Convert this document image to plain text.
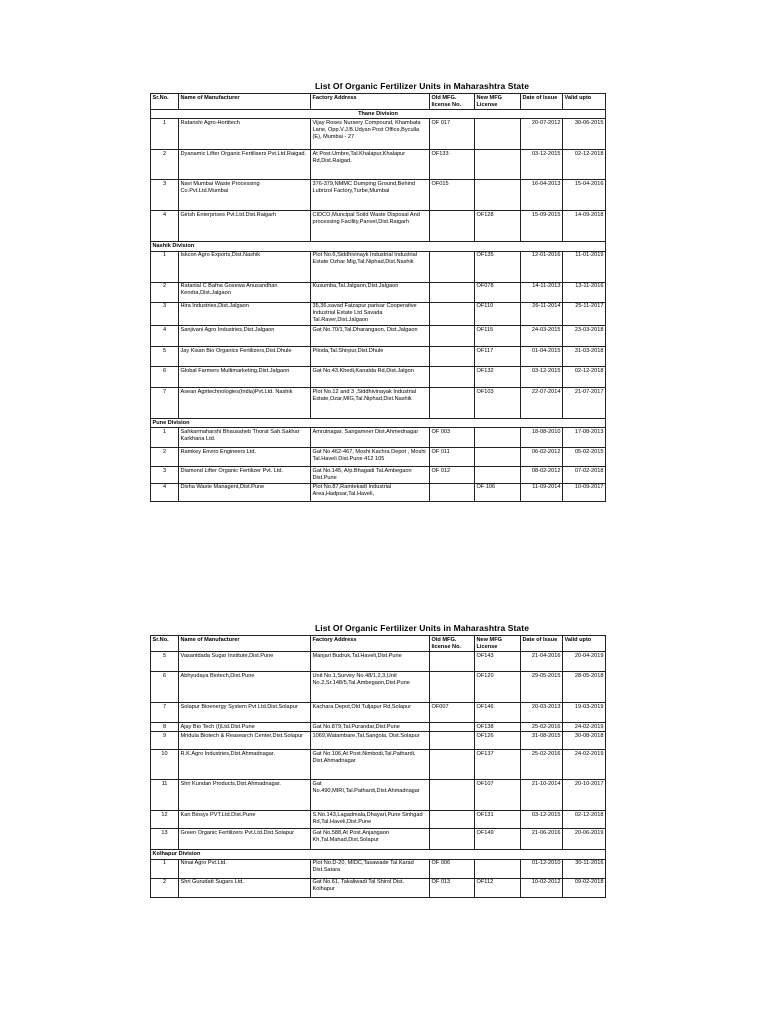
List Of Organic Fertilizer Units in Maharashtra State
Sr.No.	Name of Manufacturer	Factory Address	Old MFG. license No.	New MFG License	Date of Issue	Valid upto
Thane Division						
1	Ratanshi Agro-Hortitech	Vijay Roses Nursery Compound, Khambata Lane, Opp.V.J.B.Udyan Post Office,Byculla (E), Mumbai - 27	OF 017		20-07-2012	30-06-2015
2	Dyanamic Lifter Organic Fertilisers Pvt.Ltd.Raigad.	At Post.Umbre,Tal.Khalapur,Khalapur Rd,Dist.Raigad.	OF133		03-12-2015	02-12-2018
3	Navi Mumbai Waste Processing Co.Pvt.Ltd.Mumbai	376-379,NMMC Dumping Ground,Behind Lubrizol Factory,Turbe,Mumbai	OF015		16-04-2013	15-04-2016
4	Girish Enterprises Pvt.Ltd.Dist.Raigarh	CIDCO,Muncipal Soild Waste Disposal And processing Facility,Panvel,Dist.Raigarh		OF128	15-09-2015	14-09-2018
Nashik Division						
1	Iskcon Agro Exports,Dist.Nashik	Plot No.6,Siddhivinayk Industrial Industrial Estate Ozhar Mig,Tal.Niphad,Dist.Nashik		OF135	12-01-2016	11-01-2019
2	Ratanlal C Bafna Gosewa Anusandhan Kendra,Dist.Jalgaon	Kusumba,Tal.Jalgaon,Dist.Jalgaon		OF078	14-11-2013	13-11-2016
3	Hira Industries,Dist.Jalgaon	35,36,savad Faizapur parisar Cooperative Industrial Estate Ltd Savada Tal.Raver,Dist.Jalgaon		OF110	26-11-2014	25-11-2017
4	Sanjivani Agro Industries,Dist.Jalgaon	Gat No.70/1,Tal.Dharangaon, Dist.Jalgaon		OF115	24-03-2015	23-03-2018
5	Jay Kisan Bio Organics Fertilizers,Dist.Dhule	Piloda,Tal.Shirpur,Dist.Dhule		OF117	01-04-2015	31-03-2018
6	Global Farmers Multimarketing,Dist.Jalgaon	Gat No.43.Khedi,Kanalda Rd,Dist.Jalgon		OF132	03-12-2015	02-12-2018
7	Asean Agritechnologies(India)Pvt.Ltd. Nashik	Plot No.12 and 3 ,Siddhivinayak Industrial Estate,Ozar,MIG,Tal.Niphad,Dist.Nashik		OF103	22-07-2014	21-07-2017
Pune Division						
1	Sahkarmaharshi Bhausaheb Thorat Sah.Sakhar Karkhana Ltd.	Amrutnagar, Sangamner Dist.Ahmednagar	OF 003		18-08-2010	17-08-2013
2	Ramkey Enviro Engineers Ltd.	Gat No.462-467, Moshi Kachra Depot , Moshi Tal.Haveli Dist.Pune 412 105	OF 011		06-02-2012	05-02-2015
3	Diamond Lifter Organic Fertilizer Pvt. Ltd.	Gat No.145, A/p.Bhagadi Tal.Ambegaon Dist.Pune	OF 012		08-02-2012	07-02-2018
4	Disha Waste Managent,Dist.Pune	Plot No.87,Ramtekadi Industrial Area,Hadpsar,Tal.Haveli,		OF 106	11-09-2014	10-09-2017
List Of Organic Fertilizer Units in Maharashtra State
Sr.No.	Name of Manufacturer	Factory Address	Old MFG. license No.	New MFG License	Date of Issue	Valid upto
5	Vasantdada Sugar Institute,Dist.Pune	Manjari Budruk,Tal.Haveli,Dist.Pune		OF143	21-04-2016	20-04-2019
6	Abhyudaya Biotech,Dist.Pune	Unit No.1,Survey No.48/1,2,3,Unit No.2,Sr.148/5,Tal.Ambegaon,Dist.Pune		OF120	29-05-2015	28-05-2018
7	Solapur Bioenergy System Pvt Ltd.Dist.Solapur	Kachara Depot,Old Tuljapur Rd,Solapur	OF007	OF146	20-03-2013	19-03-2019
8	Ajay Bio Tech (I)Ltd.Dist.Pune	Gat No.879,Tal.Purandar,Dist.Pune		OF138	25-02-2016	24-02-2019
9	Mridula Biotech & Reasearch Center,Dist.Solapur	1069,Watambare,Tal.Sangola, Dist.Solapur		OF126	31-08-2015	30-08-2018
10	R.K.Agro Industries,Dist.Ahmadnagar.	Gat No.106,At Post.Nimbodi,Tal.Pathardi, Dist.Ahmadnagar		OF137	25-02-2016	24-02-2019
11	Shri Kundan Products,Dist.Ahmadnagar.	Gat No.490,MIRI,Tal.Pathardi,Dist.Ahmadnagar		OF107	21-10-2014	20-10-2017
12	Kan Biosys PVT.Ltd.Dist.Pune	S.No.143,Lagadmala,Dhayari,Pune Sinhgad Rd,Tal.Haveli,Dist.Pune		OF131	03-12-2015	02-12-2018
13	Green Organic Fertilizers Pvt.Ltd.Dist.Solapur	Gat No.588,At Post.Anjangaon Kh,Tal.Mahad,Dist.Solapur		OF149	21-06-2016	20-06-2019
Kolhapur Division						
1	Ninai Agro Pvt.Ltd.	Plot No.D-20, MIDC,Tasawade Tal.Karad Dist.Satara	OF 006		01-12-2010	30-11-2016
2	Shri Gurudatt Sugars Ltd.	Gat No.61, Takaliwadi Tal Shirol Dist. Kolhapur	OF 013	OF112	10-02-2012	09-02-2018
